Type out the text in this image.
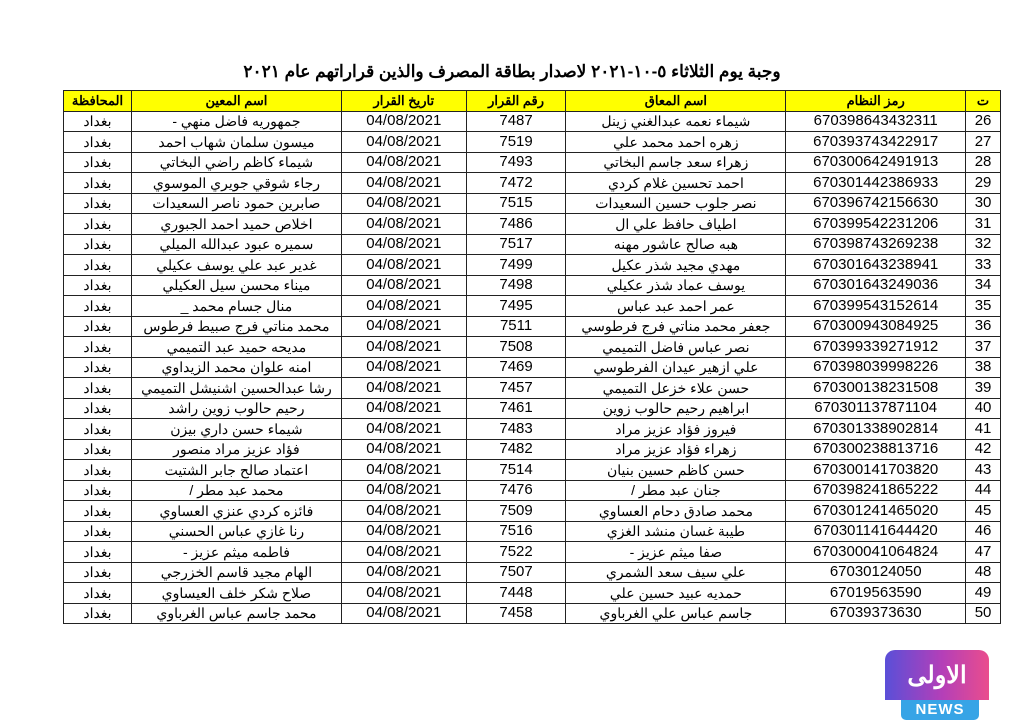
وجبة يوم الثلاثاء ٥-١٠-٢٠٢١ لاصدار بطاقة المصرف والذين قراراتهم عام ٢٠٢١
ت	رمز النظام	اسم المعاق	رقم القرار	تاريخ القرار	اسم المعين	المحافظة
26	670398643432311	شيماء نعمه عبدالغني زينل	7487	04/08/2021	جمهوريه فاضل منهي -	بغداد
27	670393743422917	زهره احمد محمد علي	7519	04/08/2021	ميسون سلمان شهاب احمد	بغداد
28	670300642491913	زهراء سعد جاسم البخاتي	7493	04/08/2021	شيماء كاظم راضي البخاتي	بغداد
29	670301442386933	احمد تحسين غلام كردي	7472	04/08/2021	رجاء شوقي جويري الموسوي	بغداد
30	670396742156630	نصر جلوب حسين السعيدات	7515	04/08/2021	صابرين حمود ناصر السعيدات	بغداد
31	670399542231206	اطياف حافظ علي ال	7486	04/08/2021	اخلاص حميد احمد الجبوري	بغداد
32	670398743269238	هبه صالح عاشور مهنه	7517	04/08/2021	سميره عبود عبدالله الميلي	بغداد
33	670301643238941	مهدي مجيد شذر عكيل	7499	04/08/2021	غدير عبد علي يوسف عكيلي	بغداد
34	670301643249036	يوسف عماد شذر عكيلي	7498	04/08/2021	ميناء محسن سيل العكيلي	بغداد
35	670399543152614	عمر احمد عبد عباس	7495	04/08/2021	منال جسام محمد _	بغداد
36	670300943084925	جعفر محمد مناتي فرج فرطوسي	7511	04/08/2021	محمد مناتي فرج صبيط فرطوس	بغداد
37	670399339271912	نصر عباس فاضل التميمي	7508	04/08/2021	مديحه حميد عبد التميمي	بغداد
38	670398039998226	علي ازهير عيدان الفرطوسي	7469	04/08/2021	امنه علوان محمد الزيداوي	بغداد
39	670300138231508	حسن علاء خزعل التميمي	7457	04/08/2021	رشا عبدالحسين اشنيشل التميمي	بغداد
40	670301137871104	ابراهيم رحيم حالوب زوين	7461	04/08/2021	رحيم حالوب زوين راشد	بغداد
41	670301338902814	فيروز فؤاد عزيز مراد	7483	04/08/2021	شيماء حسن داري بيزن	بغداد
42	670300238813716	زهراء فؤاد عزيز مراد	7482	04/08/2021	فؤاد عزيز مراد منصور	بغداد
43	670300141703820	حسن كاظم حسين بنيان	7514	04/08/2021	اعتماد صالح جابر الشتيت	بغداد
44	670398241865222	جنان عبد مطر /	7476	04/08/2021	محمد عبد مطر /	بغداد
45	670301241465020	محمد صادق دحام العساوي	7509	04/08/2021	فائزه كردي عنزي العساوي	بغداد
46	670301141644420	طيبة غسان منشد الغزي	7516	04/08/2021	رنا غازي عباس الحسني	بغداد
47	670300041064824	صفا ميثم عزيز -	7522	04/08/2021	فاطمه ميثم عزيز -	بغداد
48	67030124050	علي سيف سعد الشمري	7507	04/08/2021	الهام مجيد قاسم الخزرجي	بغداد
49	67019563590	حمديه عبيد حسين علي	7448	04/08/2021	صلاح شكر خلف العيساوي	بغداد
50	67039373630	جاسم عباس علي الغرباوي	7458	04/08/2021	محمد جاسم عباس الغرباوي	بغداد
الاولى
NEWS
